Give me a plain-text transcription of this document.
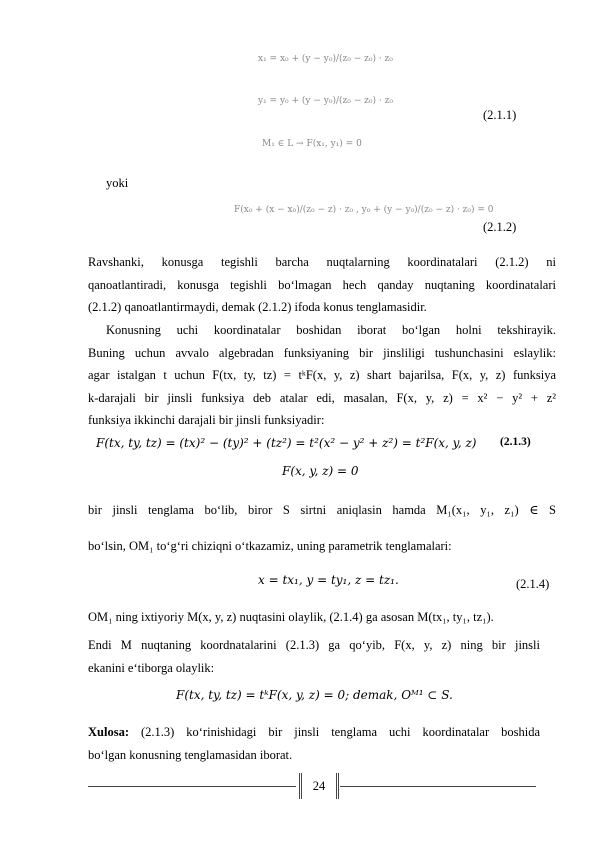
x₁ = x₀ + (y − y₀)/(z₀ − z₀) · z₀
y₁ = y₀ + (y − y₀)/(z₀ − z₀) · z₀
M₁ ∈ L → F(x₁, y₁) = 0
(2.1.1)
yoki
F(x₀ + (x − x₀)/(z₀ − z) · z₀ , y₀ + (y − y₀)/(z₀ − z) · z₀) = 0
(2.1.2)
Ravshanki, konusga tegishli barcha nuqtalarning koordinatalari (2.1.2) ni
qanoatlantiradi, konusga tegishli bo‘lmagan hech qanday nuqtaning koordinatalari
(2.1.2) qanoatlantirmaydi, demak (2.1.2) ifoda konus tenglamasidir.
Konusning uchi koordinatalar boshidan iborat bo‘lgan holni tekshirayik.
Buning uchun avvalo algebradan funksiyaning bir jinsliligi tushunchasini eslaylik:
agar istalgan t uchun F(tx, ty, tz) = tᵏF(x, y, z) shart bajarilsa, F(x, y, z) funksiya
k-darajali bir jinsli funksiya deb atalar edi, masalan, F(x, y, z) = x² − y² + z²
funksiya ikkinchi darajali bir jinsli funksiyadir:
F(tx, ty, tz) = (tx)² − (ty)² + (tz²) = t²(x² − y² + z²) = t²F(x, y, z) (2.1.3)
F(x, y, z) = 0
bir jinsli tenglama bo‘lib, biror S sirtni aniqlasin hamda M₁(x₁, y₁, z₁) ∈ S
bo‘lsin, OM₁ to‘g‘ri chiziqni o‘tkazamiz, uning parametrik tenglamalari:
x = tx₁, y = ty₁, z = tz₁.	(2.1.4)
OM₁ ning ixtiyoriy M(x, y, z) nuqtasini olaylik, (2.1.4) ga asosan M(tx₁, ty₁, tz₁).
Endi M nuqtaning koordnatalarini (2.1.3) ga qo‘yib, F(x, y, z) ning bir jinsli
ekanini e‘tiborga olaylik:
F(tx, ty, tz) = tᵏF(x, y, z) = 0; demak, Oᴹ¹ ⊂ S.
Xulosa: (2.1.3) ko‘rinishidagi bir jinsli tenglama uchi koordinatalar boshida
bo‘lgan konusning tenglamasidan iborat.
24
